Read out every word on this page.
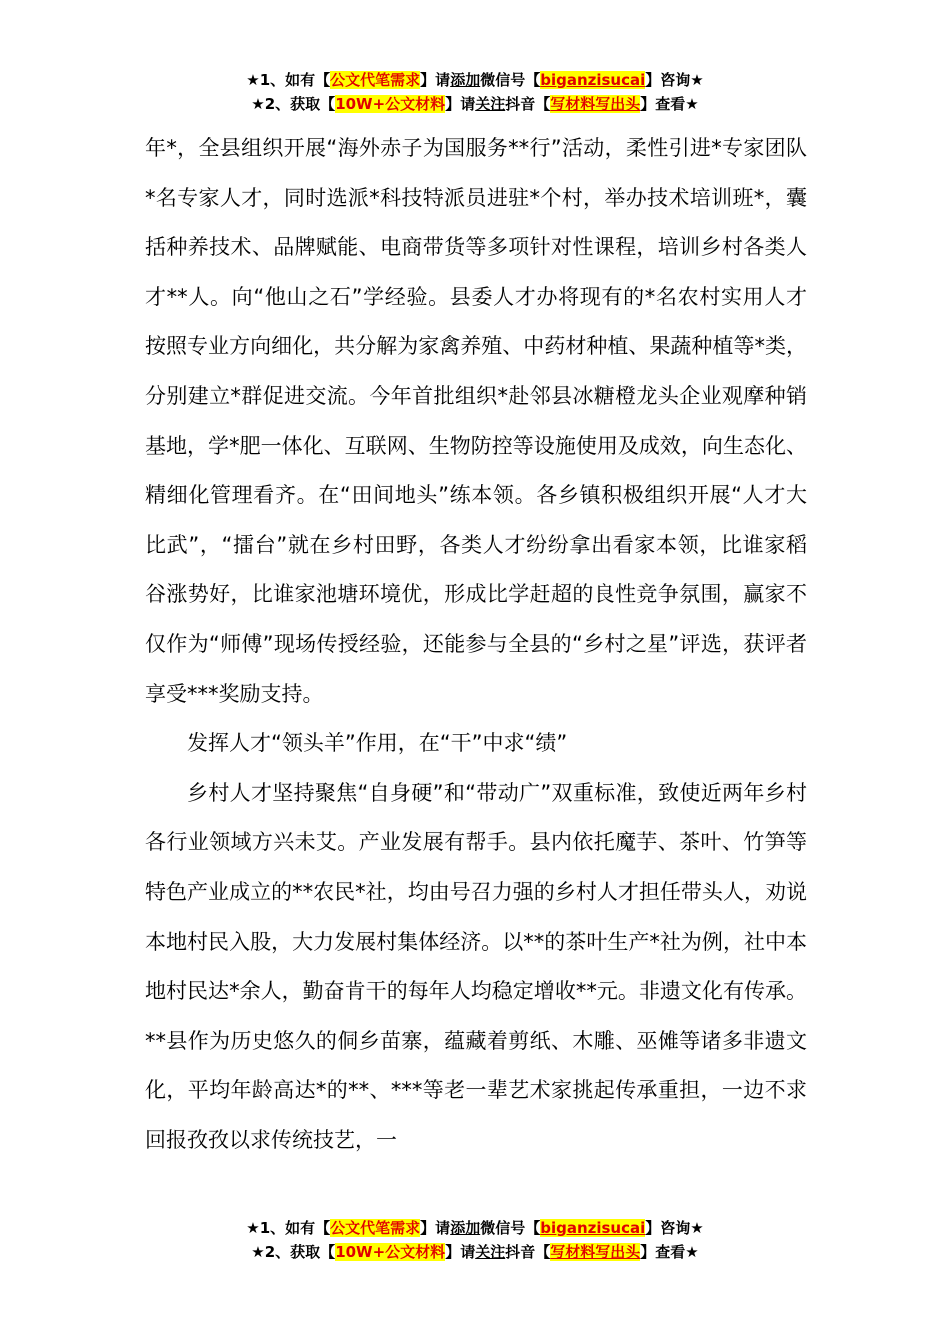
★1、如有【公文代笔需求】请添加微信号【biganzisucai】咨询★
★2、获取【10W+公文材料】请关注抖音【写材料写出头】查看★

年*，全县组织开展“海外赤子为国服务**行”活动，柔性引进*专家团队*名专家人才，同时选派*科技特派员进驻*个村，举办技术培训班*，囊括种养技术、品牌赋能、电商带货等多项针对性课程，培训乡村各类人才**人。向“他山之石”学经验。县委人才办将现有的*名农村实用人才按照专业方向细化，共分解为家禽养殖、中药材种植、果蔬种植等*类，分别建立*群促进交流。今年首批组织*赴邻县冰糖橙龙头企业观摩种销基地，学*肥一体化、互联网、生物防控等设施使用及成效，向生态化、精细化管理看齐。在“田间地头”练本领。各乡镇积极组织开展“人才大比武”，“擂台”就在乡村田野，各类人才纷纷拿出看家本领，比谁家稻谷涨势好，比谁家池塘环境优，形成比学赶超的良性竞争氛围，赢家不仅作为“师傅”现场传授经验，还能参与全县的“乡村之星”评选，获评者享受***奖励支持。

发挥人才“领头羊”作用，在“干”中求“绩”

乡村人才坚持聚焦“自身硬”和“带动广”双重标准，致使近两年乡村各行业领域方兴未艾。产业发展有帮手。县内依托魔芋、茶叶、竹笋等特色产业成立的**农民*社，均由号召力强的乡村人才担任带头人，劝说本地村民入股，大力发展村集体经济。以**的茶叶生产*社为例，社中本地村民达*余人，勤奋肯干的每年人均稳定增收**元。非遗文化有传承。**县作为历史悠久的侗乡苗寨，蕴藏着剪纸、木雕、巫傩等诸多非遗文化，平均年龄高达*的**、***等老一辈艺术家挑起传承重担，一边不求回报孜孜以求传统技艺，一

★1、如有【公文代笔需求】请添加微信号【biganzisucai】咨询★
★2、获取【10W+公文材料】请关注抖音【写材料写出头】查看★
